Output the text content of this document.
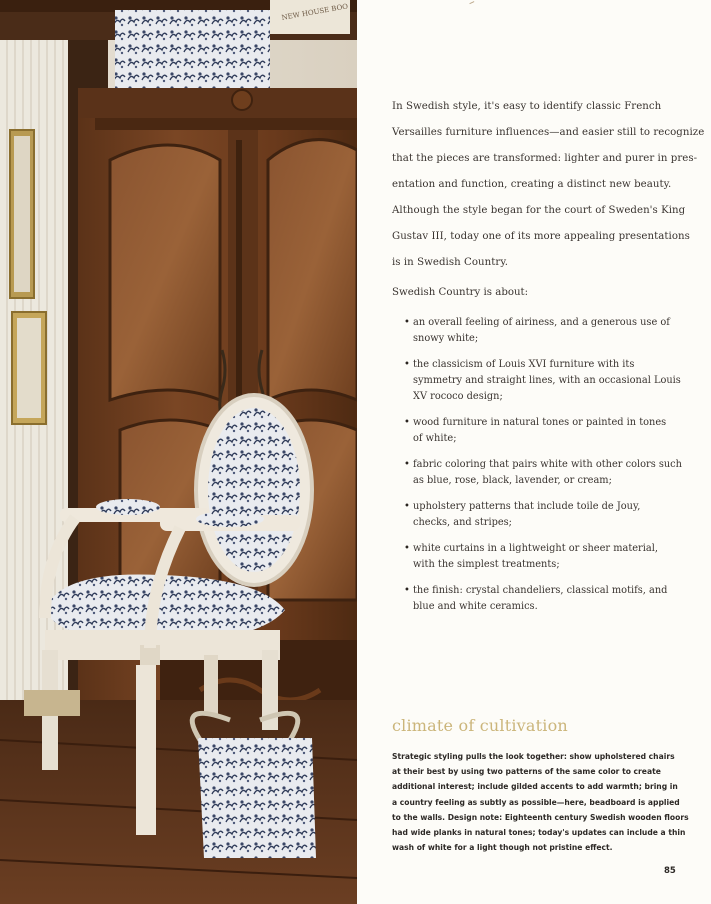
NEW HOUSE BOO

In Swedish style, it's easy to identify classic French
Versailles furniture influences—and easier still to recognize
that the pieces are transformed: lighter and purer in pres-
entation and function, creating a distinct new beauty.
Although the style began for the court of Sweden's King
Gustav III, today one of its more appealing presentations
is in Swedish Country.

Swedish Country is about:
• an overall feeling of airiness, and a generous use of
snowy white;
• the classicism of Louis XVI furniture with its
symmetry and straight lines, with an occasional Louis
XV rococo design;
• wood furniture in natural tones or painted in tones
of white;
• fabric coloring that pairs white with other colors such
as blue, rose, black, lavender, or cream;
• upholstery patterns that include toile de Jouy,
checks, and stripes;
• white curtains in a lightweight or sheer material,
with the simplest treatments;
• the finish: crystal chandeliers, classical motifs, and
blue and white ceramics.
climate of cultivation

Strategic styling pulls the look together: show upholstered chairs
at their best by using two patterns of the same color to create
additional interest; include gilded accents to add warmth; bring in
a country feeling as subtly as possible—here, beadboard is applied
to the walls. Design note: Eighteenth century Swedish wooden floors
had wide planks in natural tones; today's updates can include a thin
wash of white for a light though not pristine effect.

85
